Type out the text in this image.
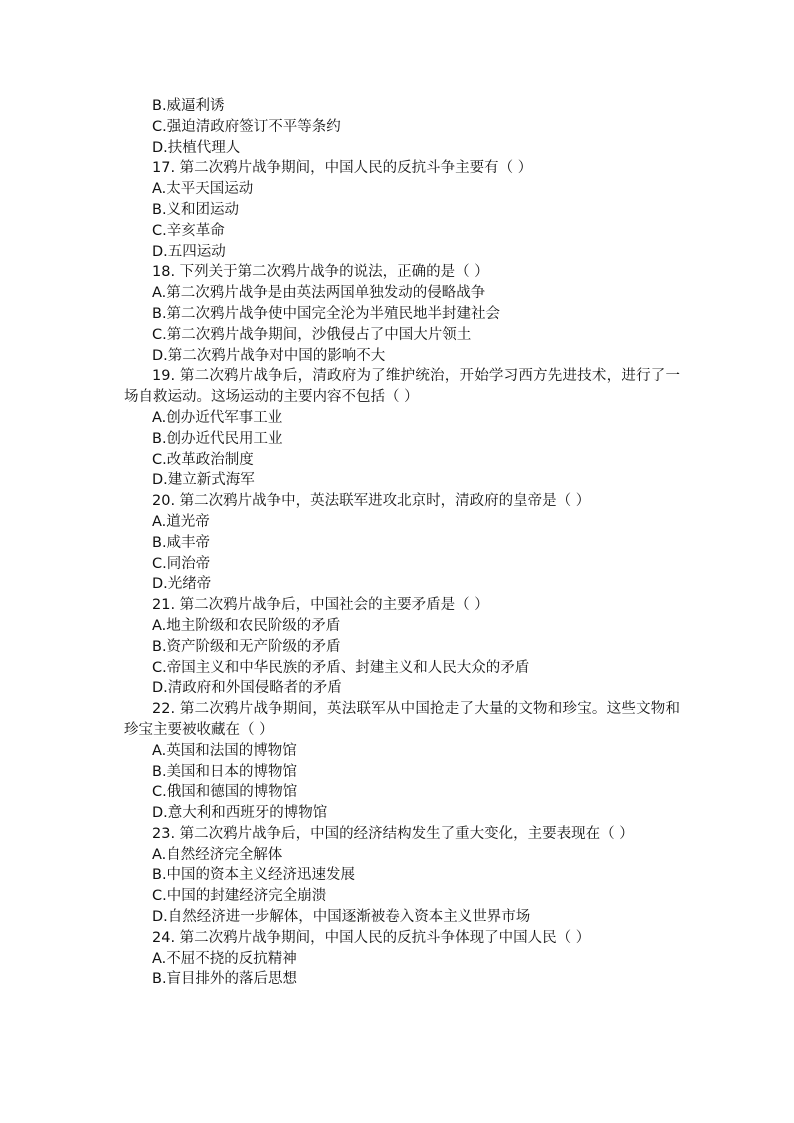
B.威逼利诱
C.强迫清政府签订不平等条约
D.扶植代理人
17. 第二次鸦片战争期间，中国人民的反抗斗争主要有（ ）
A.太平天国运动
B.义和团运动
C.辛亥革命
D.五四运动
18. 下列关于第二次鸦片战争的说法，正确的是（ ）
A.第二次鸦片战争是由英法两国单独发动的侵略战争
B.第二次鸦片战争使中国完全沦为半殖民地半封建社会
C.第二次鸦片战争期间，沙俄侵占了中国大片领土
D.第二次鸦片战争对中国的影响不大
19. 第二次鸦片战争后，清政府为了维护统治，开始学习西方先进技术，进行了一场自救运动。这场运动的主要内容不包括（ ）
A.创办近代军事工业
B.创办近代民用工业
C.改革政治制度
D.建立新式海军
20. 第二次鸦片战争中，英法联军进攻北京时，清政府的皇帝是（ ）
A.道光帝
B.咸丰帝
C.同治帝
D.光绪帝
21. 第二次鸦片战争后，中国社会的主要矛盾是（ ）
A.地主阶级和农民阶级的矛盾
B.资产阶级和无产阶级的矛盾
C.帝国主义和中华民族的矛盾、封建主义和人民大众的矛盾
D.清政府和外国侵略者的矛盾
22. 第二次鸦片战争期间，英法联军从中国抢走了大量的文物和珍宝。这些文物和珍宝主要被收藏在（ ）
A.英国和法国的博物馆
B.美国和日本的博物馆
C.俄国和德国的博物馆
D.意大利和西班牙的博物馆
23. 第二次鸦片战争后，中国的经济结构发生了重大变化，主要表现在（ ）
A.自然经济完全解体
B.中国的资本主义经济迅速发展
C.中国的封建经济完全崩溃
D.自然经济进一步解体，中国逐渐被卷入资本主义世界市场
24. 第二次鸦片战争期间，中国人民的反抗斗争体现了中国人民（ ）
A.不屈不挠的反抗精神
B.盲目排外的落后思想
